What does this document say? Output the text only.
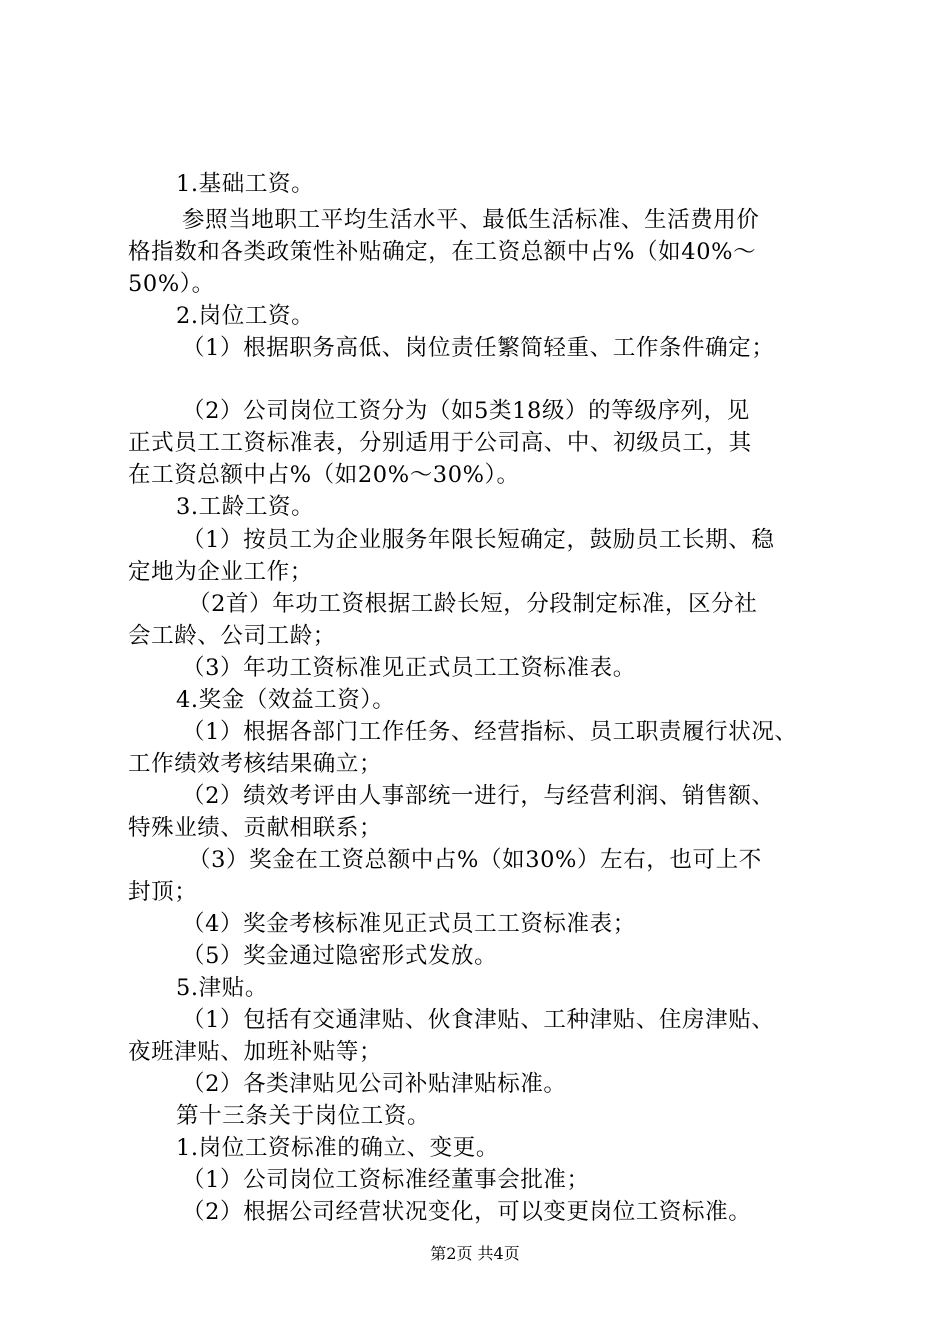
1.基础工资。
参照当地职工平均生活水平、最低生活标准、生活费用价
格指数和各类政策性补贴确定，在工资总额中占%（如40%～
50%）。
2.岗位工资。
（1）根据职务高低、岗位责任繁简轻重、工作条件确定；
（2）公司岗位工资分为（如5类18级）的等级序列，见
正式员工工资标准表，分别适用于公司高、中、初级员工，其
在工资总额中占%（如20%～30%）。
3.工龄工资。
（1）按员工为企业服务年限长短确定，鼓励员工长期、稳
定地为企业工作；
（2首）年功工资根据工龄长短，分段制定标准，区分社
会工龄、公司工龄；
（3）年功工资标准见正式员工工资标准表。
4.奖金（效益工资）。
（1）根据各部门工作任务、经营指标、员工职责履行状况、
工作绩效考核结果确立；
（2）绩效考评由人事部统一进行，与经营利润、销售额、
特殊业绩、贡献相联系；
（3）奖金在工资总额中占%（如30%）左右，也可上不
封顶；
（4）奖金考核标准见正式员工工资标准表；
（5）奖金通过隐密形式发放。
5.津贴。
（1）包括有交通津贴、伙食津贴、工种津贴、住房津贴、
夜班津贴、加班补贴等；
（2）各类津贴见公司补贴津贴标准。
第十三条关于岗位工资。
1.岗位工资标准的确立、变更。
（1）公司岗位工资标准经董事会批准；
（2）根据公司经营状况变化，可以变更岗位工资标准。
第2页 共4页
